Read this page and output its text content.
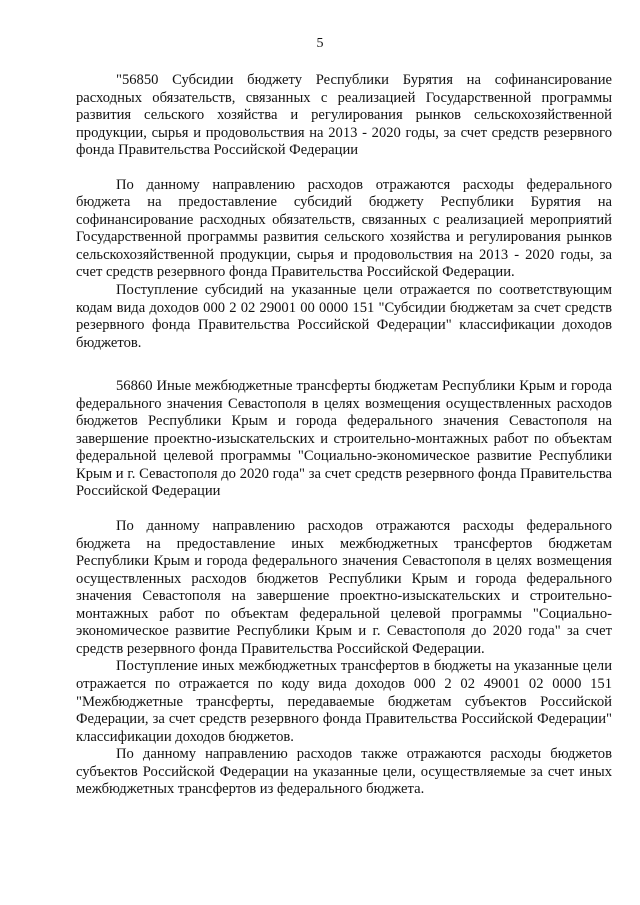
5

"56850 Субсидии бюджету Республики Бурятия на софинансирование расходных обязательств, связанных с реализацией Государственной программы развития сельского хозяйства и регулирования рынков сельскохозяйственной продукции, сырья и продовольствия на 2013 - 2020 годы, за счет средств резервного фонда Правительства Российской Федерации

По данному направлению расходов отражаются расходы федерального бюджета на предоставление субсидий бюджету Республики Бурятия на софинансирование расходных обязательств, связанных с реализацией мероприятий Государственной программы развития сельского хозяйства и регулирования рынков сельскохозяйственной продукции, сырья и продовольствия на 2013 - 2020 годы, за счет средств резервного фонда Правительства Российской Федерации.

Поступление субсидий на указанные цели отражается по соответствующим кодам вида доходов 000 2 02 29001 00 0000 151 "Субсидии бюджетам за счет средств резервного фонда Правительства Российской Федерации" классификации доходов бюджетов.

56860 Иные межбюджетные трансферты бюджетам Республики Крым и города федерального значения Севастополя в целях возмещения осуществленных расходов бюджетов Республики Крым и города федерального значения Севастополя на завершение проектно-изыскательских и строительно-монтажных работ по объектам федеральной целевой программы "Социально-экономическое развитие Республики Крым и г. Севастополя до 2020 года" за счет средств резервного фонда Правительства Российской Федерации

По данному направлению расходов отражаются расходы федерального бюджета на предоставление иных межбюджетных трансфертов бюджетам Республики Крым и города федерального значения Севастополя в целях возмещения осуществленных расходов бюджетов Республики Крым и города федерального значения Севастополя на завершение проектно-изыскательских и строительно-монтажных работ по объектам федеральной целевой программы "Социально-экономическое развитие Республики Крым и г. Севастополя до 2020 года" за счет средств резервного фонда Правительства Российской Федерации.

Поступление иных межбюджетных трансфертов в бюджеты на указанные цели отражается по отражается по коду вида доходов 000 2 02 49001 02 0000 151 "Межбюджетные трансферты, передаваемые бюджетам субъектов Российской Федерации, за счет средств резервного фонда Правительства Российской Федерации" классификации доходов бюджетов.

По данному направлению расходов также отражаются расходы бюджетов субъектов Российской Федерации на указанные цели, осуществляемые за счет иных межбюджетных трансфертов из федерального бюджета.
